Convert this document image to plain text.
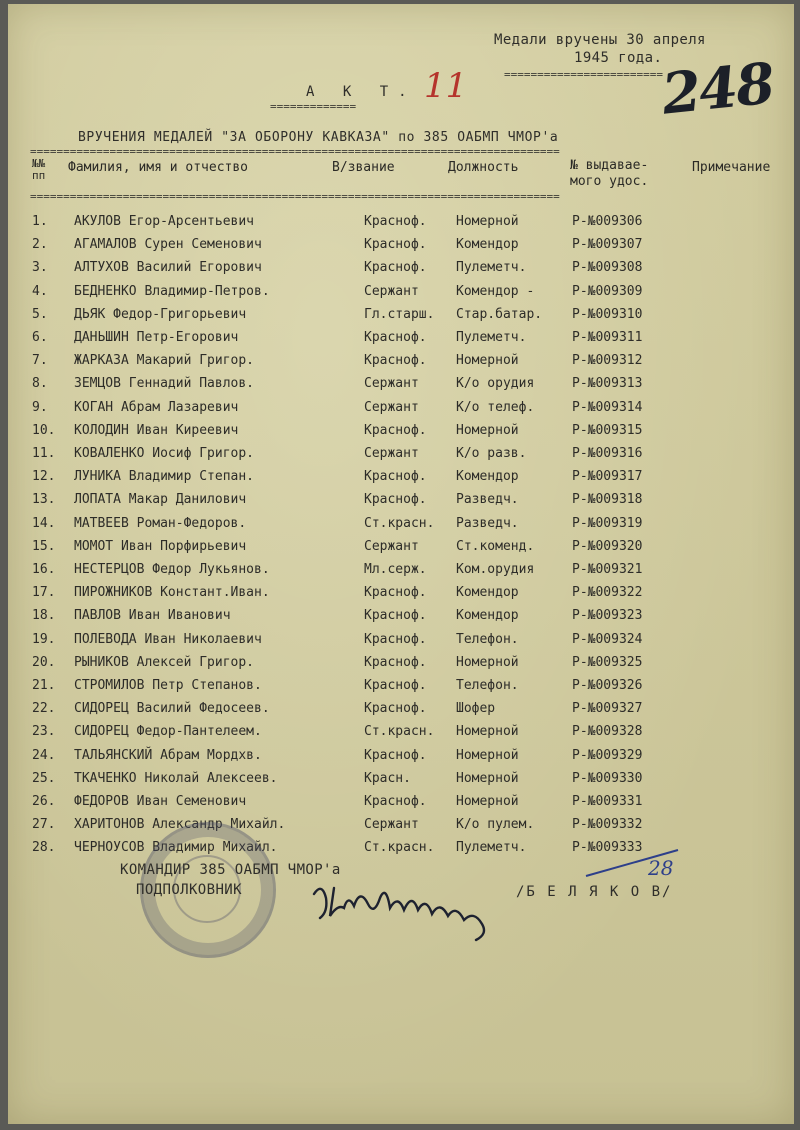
Медали вручены 30 апреля
1945 года.
========================
248
А К Т. 11
=============
ВРУЧЕНИЯ МЕДАЛЕЙ "ЗА ОБОРОНУ КАВКАЗА" по 385 ОАБМП ЧМОР'а
================================================================================
№№
пп
Фамилия, имя и отчество	В/звание	Должность	№ выдавае-
мого удос.
Примечание
================================================================================
1. АКУЛОВ Егор-Арсентьевич	Красноф. Номерной	Р-№009306
2. АГАМАЛОВ Сурен Семенович	Красноф. Комендор	Р-№009307
3. АЛТУХОВ Василий Егорович	Красноф. Пулеметч.	Р-№009308
4. БЕДНЕНКО Владимир-Петров.	Сержант	Комендор -	Р-№009309
5. ДЬЯК Федор-Григорьевич	Гл.старш. Стар.батар. Р-№009310
6. ДАНЬШИН Петр-Егорович	Красноф. Пулеметч.	Р-№009311
7. ЖАРКАЗА Макарий Григор.	Красноф. Номерной	Р-№009312
8. ЗЕМЦОВ Геннадий Павлов.	Сержант	К/о орудия	Р-№009313
9. КОГАН Абрам Лазаревич	Сержант	К/о телеф.	Р-№009314
10. КОЛОДИН Иван Киреевич	Красноф. Номерной	Р-№009315
11. КОВАЛЕНКО Иосиф Григор.	Сержант	К/о разв.	Р-№009316
12. ЛУНИКА Владимир Степан.	Красноф. Комендор	Р-№009317
13. ЛОПАТА Макар Данилович	Красноф. Разведч.	Р-№009318
14. МАТВЕЕВ Роман-Федоров.	Ст.красн. Разведч.	Р-№009319
15. МОМОТ Иван Порфирьевич	Сержант	Ст.коменд.	Р-№009320
16. НЕСТЕРЦОВ Федор Лукьянов.	Мл.серж. Ком.орудия	Р-№009321
17. ПИРОЖНИКОВ Констант.Иван.	Красноф. Комендор	Р-№009322
18. ПАВЛОВ Иван Иванович	Красноф. Комендор	Р-№009323
19. ПОЛЕВОДА Иван Николаевич	Красноф. Телефон.	Р-№009324
20. РЫНИКОВ Алексей Григор.	Красноф. Номерной	Р-№009325
21. СТРОМИЛОВ Петр Степанов.	Красноф. Телефон.	Р-№009326
22. СИДОРЕЦ Василий Федосеев.	Красноф. Шофер	Р-№009327
23. СИДОРЕЦ Федор-Пантелеем.	Ст.красн. Номерной	Р-№009328
24. ТАЛЬЯНСКИЙ Абрам Мордхв.	Красноф. Номерной	Р-№009329
25. ТКАЧЕНКО Николай Алексеев.	Красн.	Номерной	Р-№009330
26. ФЕДОРОВ Иван Семенович	Красноф. Номерной	Р-№009331
27. ХАРИТОНОВ Александр Михайл.	Сержант	К/о пулем.	Р-№009332
28. ЧЕРНОУСОВ Владимир Михайл.	Ст.красн. Пулеметч.	Р-№009333
КОМАНДИР 385 ОАБМП ЧМОР'а
ПОДПОЛКОВНИК	/Б Е Л Я К О В/
28
